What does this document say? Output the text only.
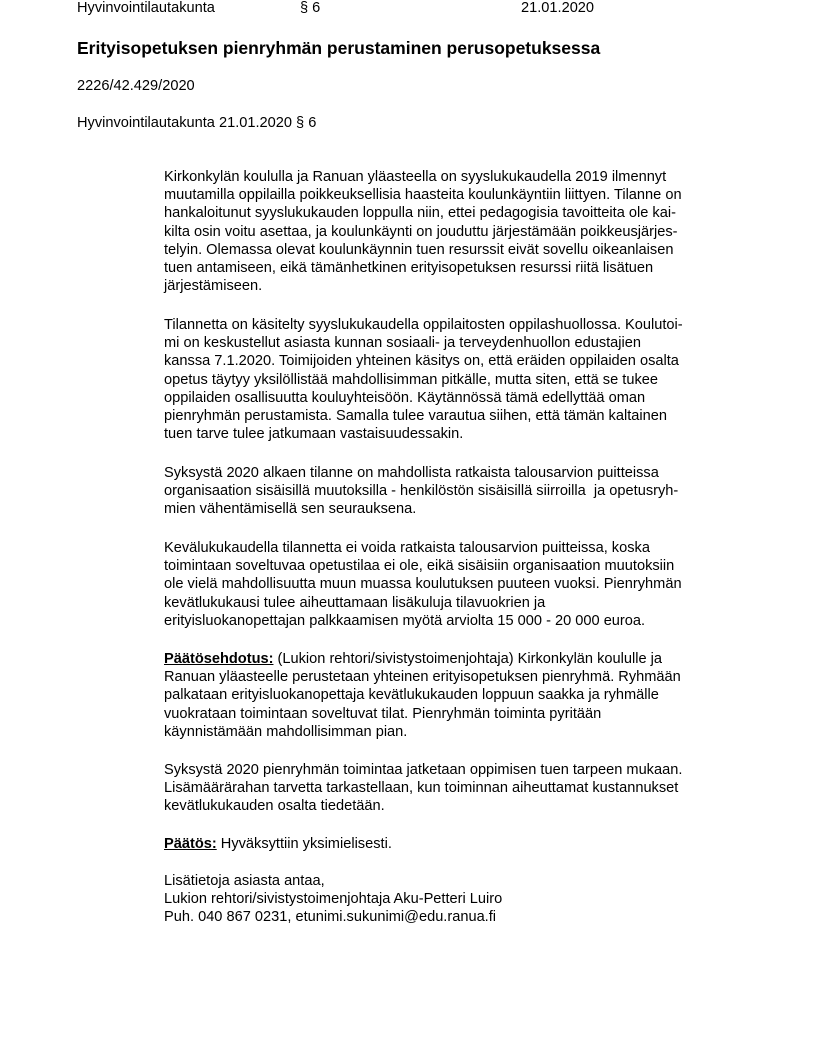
Hyvinvointilautakunta	§ 6	21.01.2020
Erityisopetuksen pienryhmän perustaminen perusopetuksessa
2226/42.429/2020
Hyvinvointilautakunta 21.01.2020 § 6
Kirkonkylän koululla ja Ranuan yläasteella on syyslukukaudella 2019 ilmennyt
muutamilla oppilailla poikkeuksellisia haasteita koulunkäyntiin liittyen. Tilanne on
hankaloitunut syyslukukauden loppulla niin, ettei pedagogisia tavoitteita ole kai-
kilta osin voitu asettaa, ja koulunkäynti on jouduttu järjestämään poikkeusjärjes-
telyin. Olemassa olevat koulunkäynnin tuen resurssit eivät sovellu oikeanlaisen
tuen antamiseen, eikä tämänhetkinen erityisopetuksen resurssi riitä lisätuen
järjestämiseen.
Tilannetta on käsitelty syyslukukaudella oppilaitosten oppilashuollossa. Koulutoi-
mi on keskustellut asiasta kunnan sosiaali- ja terveydenhuollon edustajien
kanssa 7.1.2020. Toimijoiden yhteinen käsitys on, että eräiden oppilaiden osalta
opetus täytyy yksilöllistää mahdollisimman pitkälle, mutta siten, että se tukee
oppilaiden osallisuutta kouluyhteisöön. Käytännössä tämä edellyttää oman
pienryhmän perustamista. Samalla tulee varautua siihen, että tämän kaltainen
tuen tarve tulee jatkumaan vastaisuudessakin.
Syksystä 2020 alkaen tilanne on mahdollista ratkaista talousarvion puitteissa
organisaation sisäisillä muutoksilla - henkilöstön sisäisillä siirroilla  ja opetusryh-
mien vähentämisellä sen seurauksena.
Kevälukukaudella tilannetta ei voida ratkaista talousarvion puitteissa, koska
toimintaan soveltuvaa opetustilaa ei ole, eikä sisäisiin organisaation muutoksiin
ole vielä mahdollisuutta muun muassa koulutuksen puuteen vuoksi. Pienryhmän
kevätlukukausi tulee aiheuttamaan lisäkuluja tilavuokrien ja
erityisluokanopettajan palkkaamisen myötä arviolta 15 000 - 20 000 euroa.
Päätösehdotus: (Lukion rehtori/sivistystoimenjohtaja) Kirkonkylän koululle ja
Ranuan yläasteelle perustetaan yhteinen erityisopetuksen pienryhmä. Ryhmään
palkataan erityisluokanopettaja kevätlukukauden loppuun saakka ja ryhmälle
vuokrataan toimintaan soveltuvat tilat. Pienryhmän toiminta pyritään
käynnistämään mahdollisimman pian.
Syksystä 2020 pienryhmän toimintaa jatketaan oppimisen tuen tarpeen mukaan.
Lisämäärärahan tarvetta tarkastellaan, kun toiminnan aiheuttamat kustannukset
kevätlukukauden osalta tiedetään.
Päätös: Hyväksyttiin yksimielisesti.
Lisätietoja asiasta antaa,
Lukion rehtori/sivistystoimenjohtaja Aku-Petteri Luiro
Puh. 040 867 0231, etunimi.sukunimi@edu.ranua.fi
